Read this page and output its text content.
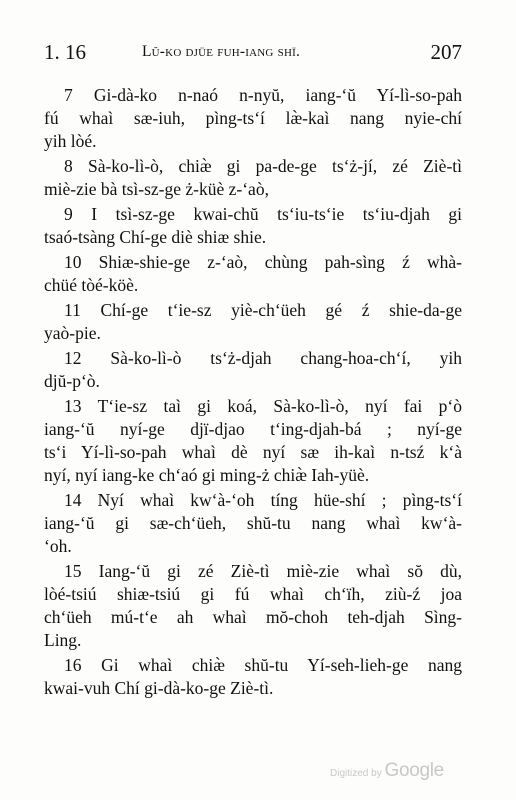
1. 16	Lŭ-ko djüe fuh-iang shï.	207
7 Gi-dà-ko n-naó n-nyŭ, iang-‘ŭ Yí-lì-so-pah
fú whaì sæ-iuh, pìng-ts‘í læ̀-kaì nang nyie-chí
yih lòé.
8 Sà-ko-lì-ò, chiæ̀ gi pa-de-ge tsʻż-jí, zé Ziè-tì
miè-zie bà tsì-sz-ge ż-küè z-‘aò,
9 I tsì-sz-ge kwai-chŭ ts‘iu-ts‘ie ts‘iu-djah gi
tsaó-tsàng Chí-ge diè shiæ shie.
10 Shiæ-shie-ge z-‘aò, chùng pah-sìng ź whà-
chüé tòé-köè.
11 Chí-ge t‘ie-sz yiè-ch‘üeh gé ź shie-da-ge
yaò-pie.
12 Sà-ko-lì-ò ts‘ż-djah chang-hoa-ch‘í, yih
djŭ-p‘ò.
13 T‘ie-sz taì gi koá, Sà-ko-lì-ò, nyí fai p‘ò
iang-‘ŭ nyí-ge djï-djao t‘ing-djah-bá ; nyí-ge
ts‘i Yí-lì-so-pah whaì dè nyí sæ ih-kaì n-tsź k‘à
nyí, nyí iang-ke ch‘aó gi ming-ż chiæ̀ Iah-yüè.
14 Nyí whaì kw‘à-‘oh tíng hüe-shí ; pìng-ts‘í
iang-‘ŭ gi sæ-ch‘üeh, shŭ-tu nang whaì kw‘à-
‘oh.
15 Iang-‘ŭ gi zé Ziè-tì miè-zie whaì sŏ dù,
lòé-tsiú shiæ-tsiú gi fú whaì ch‘ïh, ziù-ź joa
ch‘üeh mú-t‘e ah whaì mŏ-choh teh-djah Sìng-
Ling.
16 Gi whaì chiæ̀ shŭ-tu Yí-seh-lieh-ge nang
kwai-vuh Chí gi-dà-ko-ge Ziè-tì.
Digitized by Google
